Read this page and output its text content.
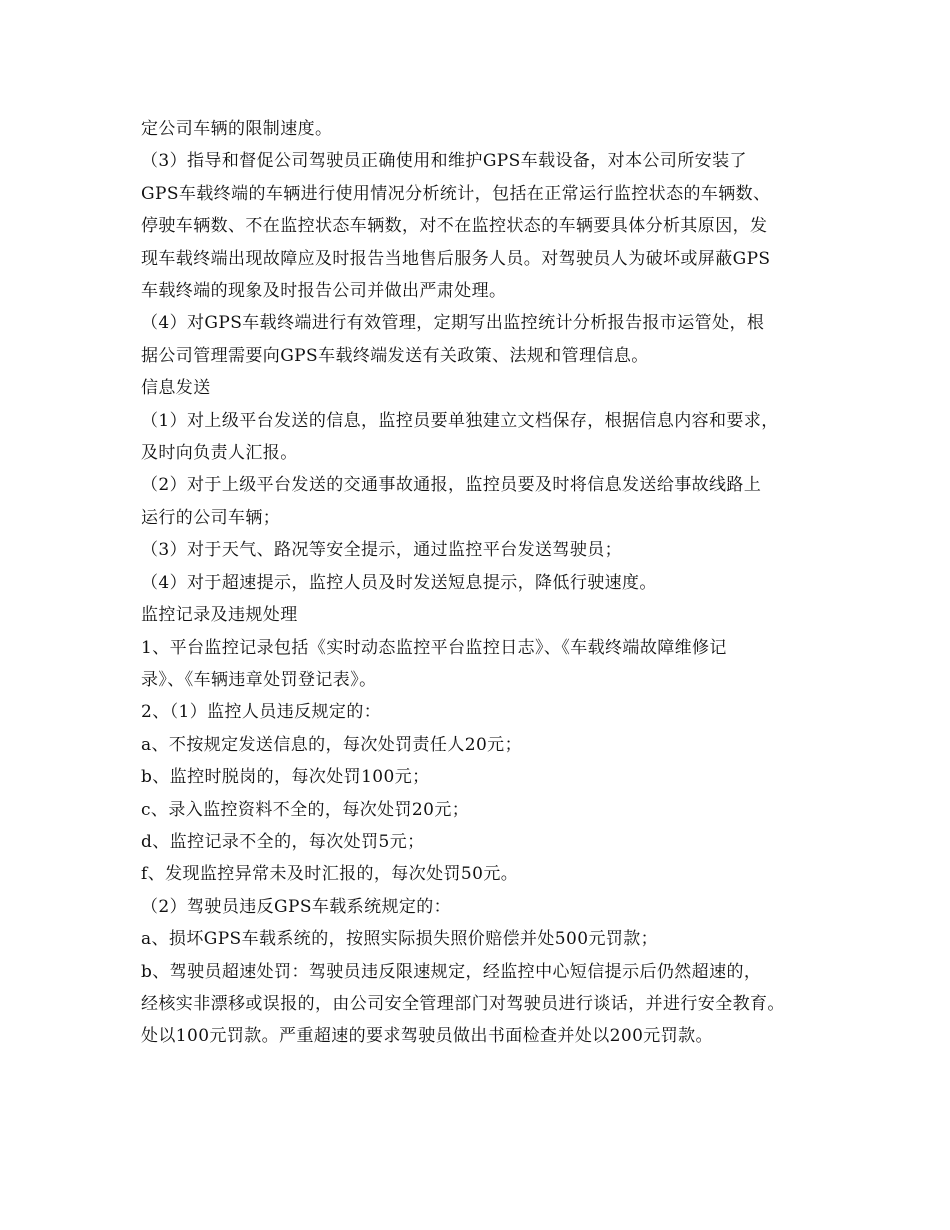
定公司车辆的限制速度。
（3）指导和督促公司驾驶员正确使用和维护GPS车载设备，对本公司所安装了
GPS车载终端的车辆进行使用情况分析统计，包括在正常运行监控状态的车辆数、
停驶车辆数、不在监控状态车辆数，对不在监控状态的车辆要具体分析其原因，发
现车载终端出现故障应及时报告当地售后服务人员。对驾驶员人为破坏或屏蔽GPS
车载终端的现象及时报告公司并做出严肃处理。
（4）对GPS车载终端进行有效管理，定期写出监控统计分析报告报市运管处，根
据公司管理需要向GPS车载终端发送有关政策、法规和管理信息。
信息发送
（1）对上级平台发送的信息，监控员要单独建立文档保存，根据信息内容和要求，
及时向负责人汇报。
（2）对于上级平台发送的交通事故通报，监控员要及时将信息发送给事故线路上
运行的公司车辆；
（3）对于天气、路况等安全提示，通过监控平台发送驾驶员；
（4）对于超速提示，监控人员及时发送短息提示，降低行驶速度。
监控记录及违规处理
1、平台监控记录包括《实时动态监控平台监控日志》、《车载终端故障维修记
录》、《车辆违章处罚登记表》。
2、（1）监控人员违反规定的：
a、不按规定发送信息的，每次处罚责任人20元；
b、监控时脱岗的，每次处罚100元；
c、录入监控资料不全的，每次处罚20元；
d、监控记录不全的，每次处罚5元；
f、发现监控异常未及时汇报的，每次处罚50元。
（2）驾驶员违反GPS车载系统规定的：
a、损坏GPS车载系统的，按照实际损失照价赔偿并处500元罚款；
b、驾驶员超速处罚：驾驶员违反限速规定，经监控中心短信提示后仍然超速的，
经核实非漂移或误报的，由公司安全管理部门对驾驶员进行谈话，并进行安全教育。
处以100元罚款。严重超速的要求驾驶员做出书面检查并处以200元罚款。
